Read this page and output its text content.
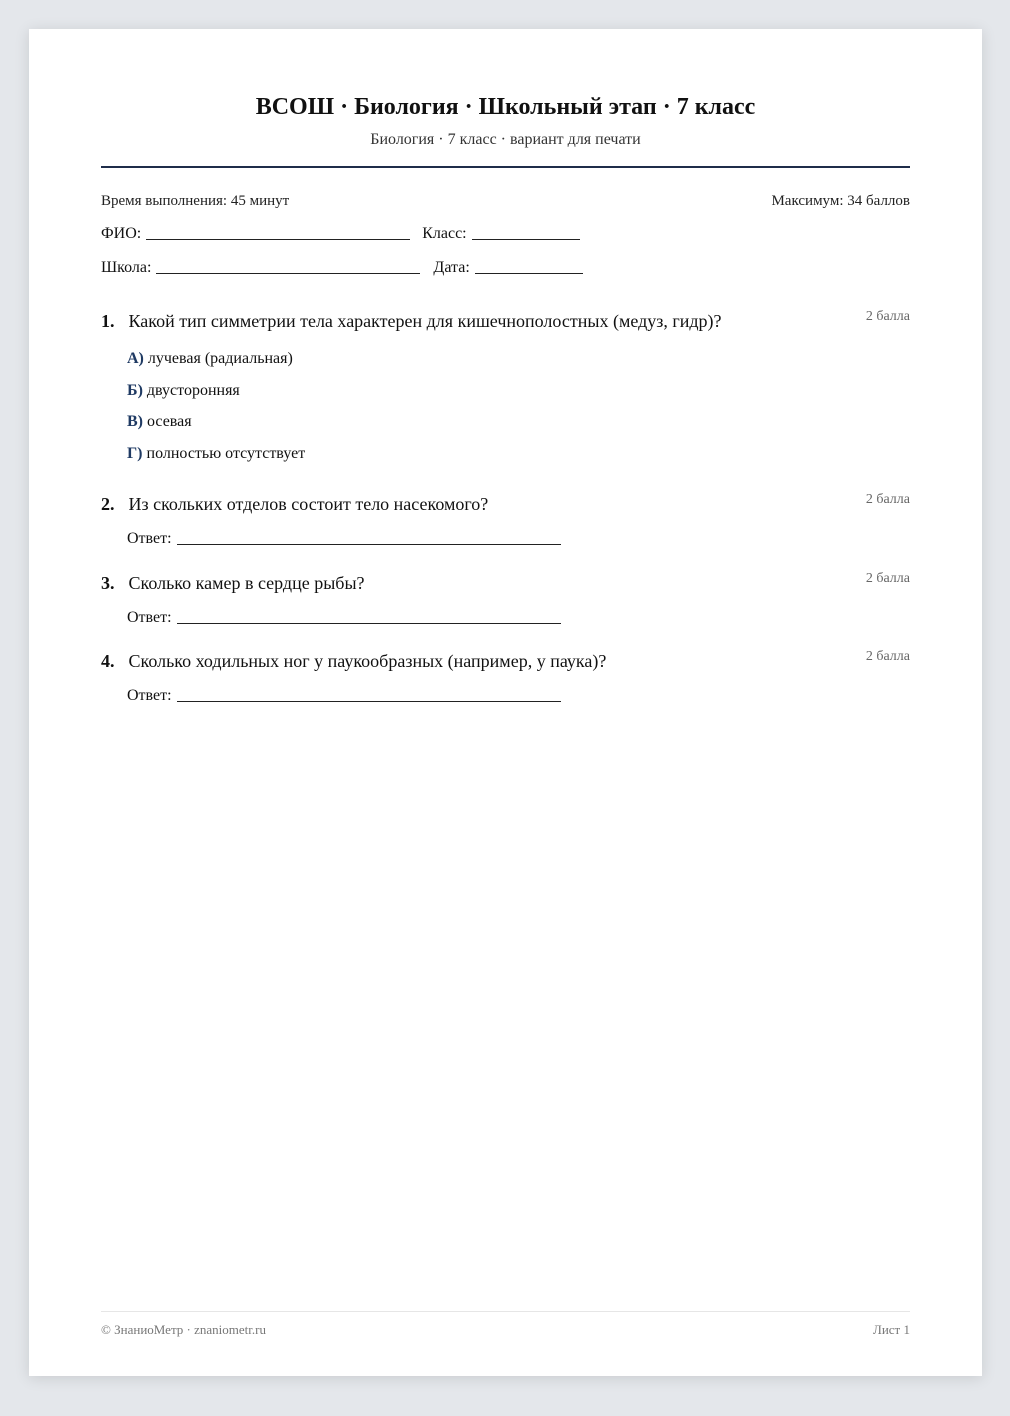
ВСОШ · Биология · Школьный этап · 7 класс
Биология · 7 класс · вариант для печати
Время выполнения: 45 минут	Максимум: 34 баллов
ФИО:	Класс:
Школа:	Дата:
1. Какой тип симметрии тела характерен для кишечнополостных (медуз, гидр)?	2 балла
А) лучевая (радиальная)
Б) двусторонняя
В) осевая
Г) полностью отсутствует
2. Из скольких отделов состоит тело насекомого?	2 балла
Ответ:
3. Сколько камер в сердце рыбы?	2 балла
Ответ:
4. Сколько ходильных ног у паукообразных (например, у паука)?	2 балла
Ответ:
© ЗнаниоМетр · znaniometr.ru	Лист 1
